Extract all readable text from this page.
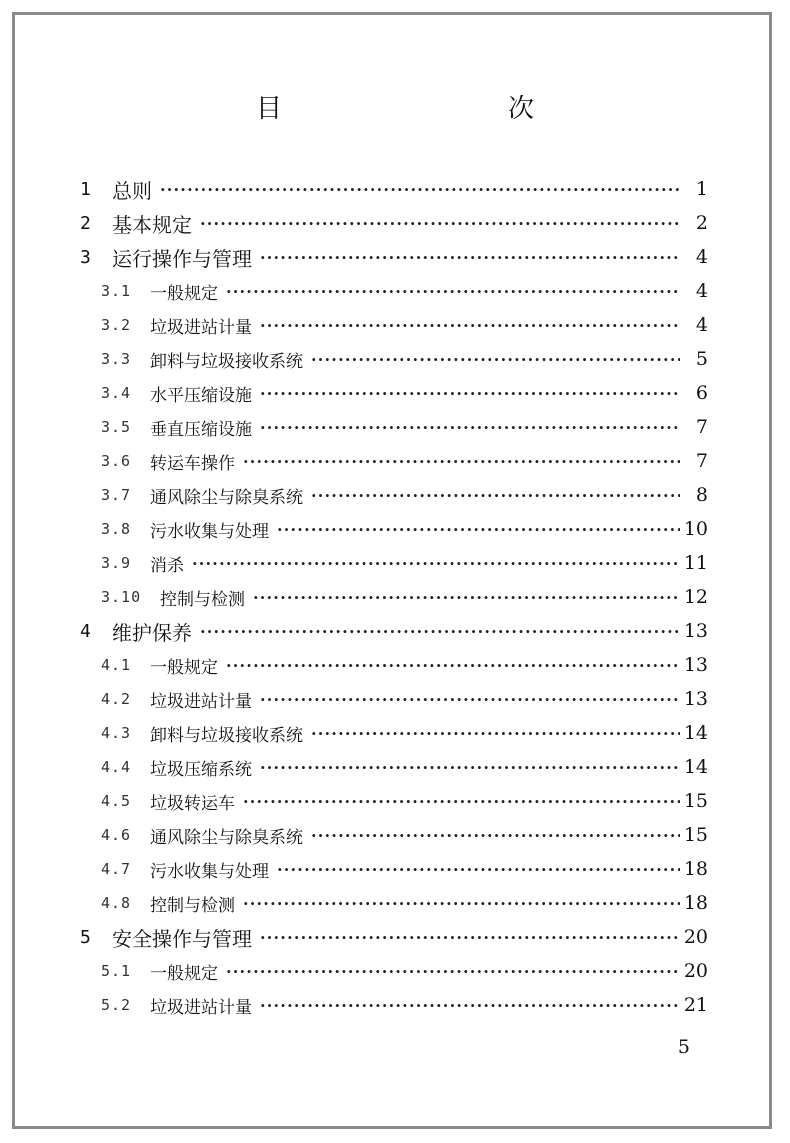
目　　次
1 总则 ·····	1
2 基本规定 ·····	2
3 运行操作与管理 ·····	4
3.1 一般规定 ·····	4
3.2 垃圾进站计量 ·····	4
3.3 卸料与垃圾接收系统 ·····	5
3.4 水平压缩设施 ·····	6
3.5 垂直压缩设施 ·····	7
3.6 转运车操作 ·····	7
3.7 通风除尘与除臭系统 ·····	8
3.8 污水收集与处理 ·····	10
3.9 消杀 ·····	11
3.10 控制与检测 ·····	12
4 维护保养 ·····	13
4.1 一般规定 ·····	13
4.2 垃圾进站计量 ·····	13
4.3 卸料与垃圾接收系统 ·····	14
4.4 垃圾压缩系统 ·····	14
4.5 垃圾转运车 ·····	15
4.6 通风除尘与除臭系统 ·····	15
4.7 污水收集与处理 ·····	18
4.8 控制与检测 ·····	18
5 安全操作与管理 ·····	20
5.1 一般规定 ·····	20
5.2 垃圾进站计量 ·····	21
5
